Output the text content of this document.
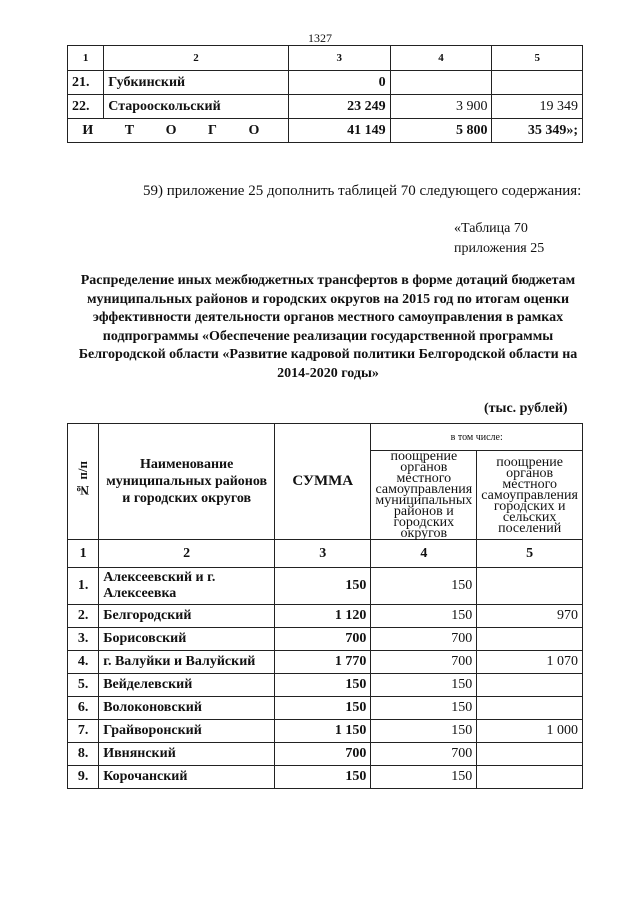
1327
1	2	3	4	5
21.	Губкинский	0		
22.	Старооскольский	23 249	3 900	19 349
И Т О Г О		41 149	5 800	35 349»;
59) приложение 25 дополнить таблицей 70 следующего содержания:
«Таблица 70
приложения 25
Распределение иных межбюджетных трансфертов в форме дотаций бюджетам муниципальных районов и городских округов на 2015 год по итогам оценки эффективности деятельности органов местного самоуправления в рамках подпрограммы «Обеспечение реализации государственной программы Белгородской области «Развитие кадровой политики Белгородской области на 2014-2020 годы»
(тыс. рублей)
№ п/п	Наименование муниципальных районов и городских округов	СУММА	в том числе:	
			поощрение органов местного самоуправления муниципальных районов и городских округов	поощрение органов местного самоуправления городских и сельских поселений
1	2	3	4	5
1.	Алексеевский и г. Алексеевка	150	150	
2.	Белгородский	1 120	150	970
3.	Борисовский	700	700	
4.	г. Валуйки и Валуйский	1 770	700	1 070
5.	Вейделевский	150	150	
6.	Волоконовский	150	150	
7.	Грайворонский	1 150	150	1 000
8.	Ивнянский	700	700	
9.	Корочанский	150	150	
